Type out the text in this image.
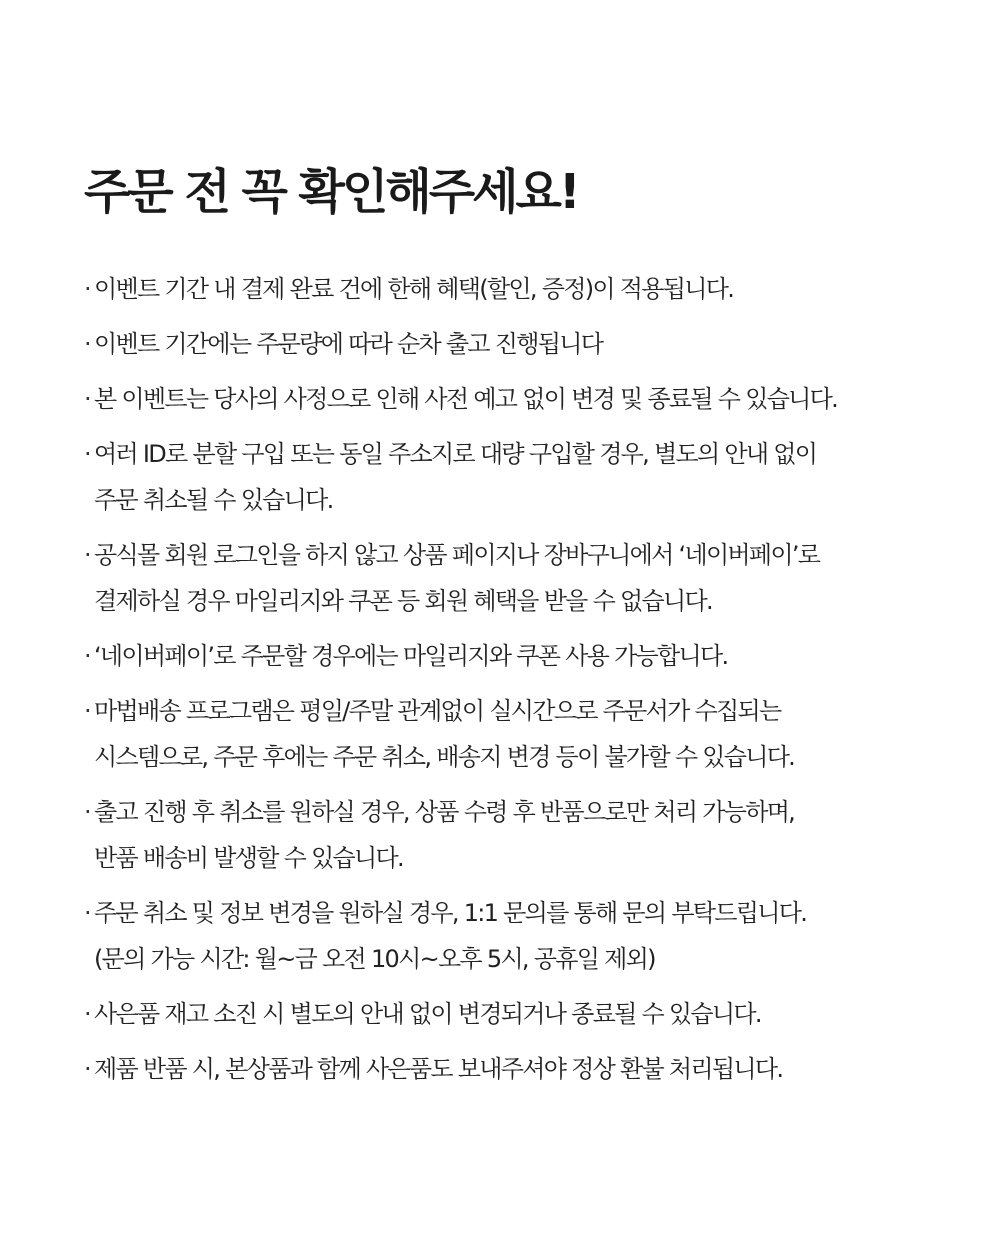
주문 전 꼭 확인해주세요!
· 이벤트 기간 내 결제 완료 건에 한해 혜택(할인, 증정)이 적용됩니다.
· 이벤트 기간에는 주문량에 따라 순차 출고 진행됩니다
· 본 이벤트는 당사의 사정으로 인해 사전 예고 없이 변경 및 종료될 수 있습니다.
· 여러 ID로 분할 구입 또는 동일 주소지로 대량 구입할 경우, 별도의 안내 없이
주문 취소될 수 있습니다.
· 공식몰 회원 로그인을 하지 않고 상품 페이지나 장바구니에서 ‘네이버페이’로
결제하실 경우 마일리지와 쿠폰 등 회원 혜택을 받을 수 없습니다.
· ‘네이버페이’로 주문할 경우에는 마일리지와 쿠폰 사용 가능합니다.
· 마법배송 프로그램은 평일/주말 관계없이 실시간으로 주문서가 수집되는
시스템으로, 주문 후에는 주문 취소, 배송지 변경 등이 불가할 수 있습니다.
· 출고 진행 후 취소를 원하실 경우, 상품 수령 후 반품으로만 처리 가능하며,
반품 배송비 발생할 수 있습니다.
· 주문 취소 및 정보 변경을 원하실 경우, 1:1 문의를 통해 문의 부탁드립니다.
(문의 가능 시간: 월~금 오전 10시~오후 5시, 공휴일 제외)
· 사은품 재고 소진 시 별도의 안내 없이 변경되거나 종료될 수 있습니다.
· 제품 반품 시, 본상품과 함께 사은품도 보내주셔야 정상 환불 처리됩니다.
